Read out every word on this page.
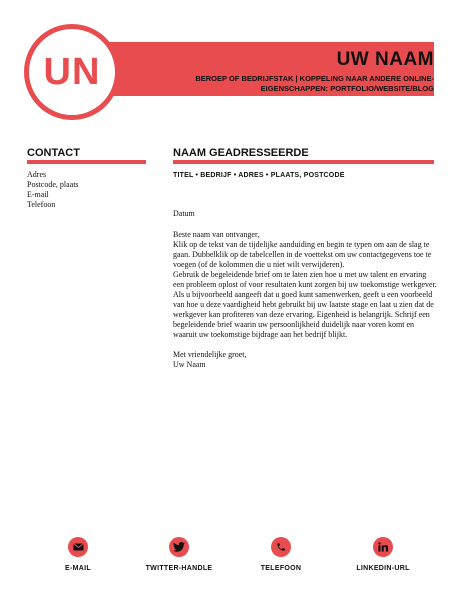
UN	UW NAAM
BEROEP OF BEDRIJFSTAK | KOPPELING NAAR ANDERE ONLINE-EIGENSCHAPPEN: PORTFOLIO/WEBSITE/BLOG
CONTACT
Adres
Postcode, plaats
E-mail
Telefoon
NAAM GEADRESSEERDE
TITEL • BEDRIJF • ADRES • PLAATS, POSTCODE

Datum

Beste naam van ontvanger,

Klik op de tekst van de tijdelijke aanduiding en begin te typen om aan de slag te gaan. Dubbelklik op de tabelcellen in de voettekst om uw contactgegevens toe te voegen (of de kolommen die u niet wilt verwijderen).

Gebruik de begeleidende brief om te laten zien hoe u met uw talent en ervaring een probleem oplost of voor resultaten kunt zorgen bij uw toekomstige werkgever. Als u bijvoorbeeld aangeeft dat u goed kunt samenwerken, geeft u een voorbeeld van hoe u deze vaardigheid hebt gebruikt bij uw laatste stage en laat u zien dat de werkgever kan profiteren van deze ervaring. Eigenheid is belangrijk. Schrijf een begeleidende brief waarin uw persoonlijkheid duidelijk naar voren komt en waaruit uw toekomstige bijdrage aan het bedrijf blijkt.

Met vriendelijke groet,

Uw Naam

E-MAIL	TWITTER-HANDLE	TELEFOON	LINKEDIN-URL
